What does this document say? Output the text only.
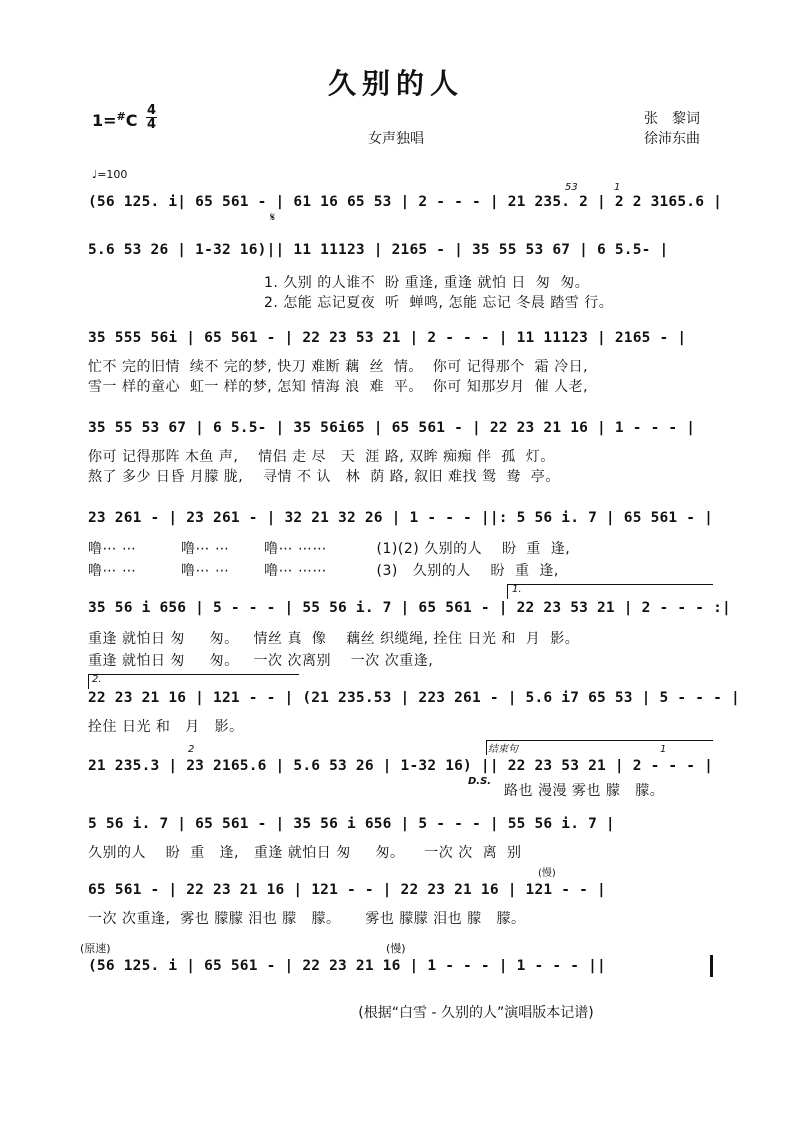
久别的人
1=#C
4
4
女声独唱
张　黎词
徐沛东曲
♩=100
(56 125. i| 65 561 - | 61 16 65 53 | 2 - - - | 21 235. 2 | 2 2 3165.6 |
53	1
𝄋
5.6 53 26 | 1-32 16)|| 11 11123 | 2165 - | 35 55 53 67 | 6 5.5- |
1. 久别 的人谁不  盼 重逢, 重逢 就怕 日  匆  匆。
2. 怎能 忘记夏夜  听  蝉鸣, 怎能 忘记 冬晨 踏雪 行。
35 555 56i | 65 561 - | 22 23 53 21 | 2 - - - | 11 11123 | 2165 - |
忙不 完的旧情  续不 完的梦, 快刀 难断 藕  丝  情。  你可 记得那个  霜 冷日,
雪一 样的童心  虹一 样的梦, 怎知 情海 浪  难  平。  你可 知那岁月  催 人老,
35 55 53 67 | 6 5.5- | 35 56i65 | 65 561 - | 22 23 21 16 | 1 - - - |
你可 记得那阵 木鱼 声,    情侣 走 尽   天  涯 路, 双眸 痴痴 伴  孤  灯。
熬了 多少 日昏 月朦 胧,    寻情 不 认   林  荫 路, 叙旧 难找 鸳  鸯  亭。
23 261 - | 23 261 - | 32 21 32 26 | 1 - - - ||: 5 56 i. 7 | 65 561 - |
噜⋯ ⋯         噜⋯ ⋯       噜⋯ ⋯⋯          (1)(2) 久别的人    盼  重  逢,
噜⋯ ⋯         噜⋯ ⋯       噜⋯ ⋯⋯          (3)   久别的人    盼  重  逢,
35 56 i 656 | 5 - - - | 55 56 i. 7 | 65 561 - | 22 23 53 21 | 2 - - - :|
1.
重逢 就怕日 匆     匆。   情丝 真  像    藕丝 织缆绳, 拴住 日光 和  月  影。
重逢 就怕日 匆     匆。   一次 次离别    一次 次重逢,
22 23 21 16 | 121 - - | (21 235.53 | 223 261 - | 5.6 i7 65 53 | 5 - - - |
2.
拴住 日光 和   月   影。
21 235.3 | 23 2165.6 | 5.6 53 26 | 1-32 16) || 22 23 53 21 | 2 - - - |
结束句
D.S.
2	1
路也 漫漫 雾也 朦   朦。
5 56 i. 7 | 65 561 - | 35 56 i 656 | 5 - - - | 55 56 i. 7 |
久别的人    盼  重   逢,   重逢 就怕日 匆     匆。    一次 次  离  别
65 561 - | 22 23 21 16 | 121 - - | 22 23 21 16 | 121 - - |
(慢)
一次 次重逢,  雾也 朦朦 泪也 朦   朦。     雾也 朦朦 泪也 朦   朦。
(原速)	(慢)
(56 125. i | 65 561 - | 22 23 21 16 | 1 - - - | 1 - - - ||
(根据“白雪 - 久别的人”演唱版本记谱)
